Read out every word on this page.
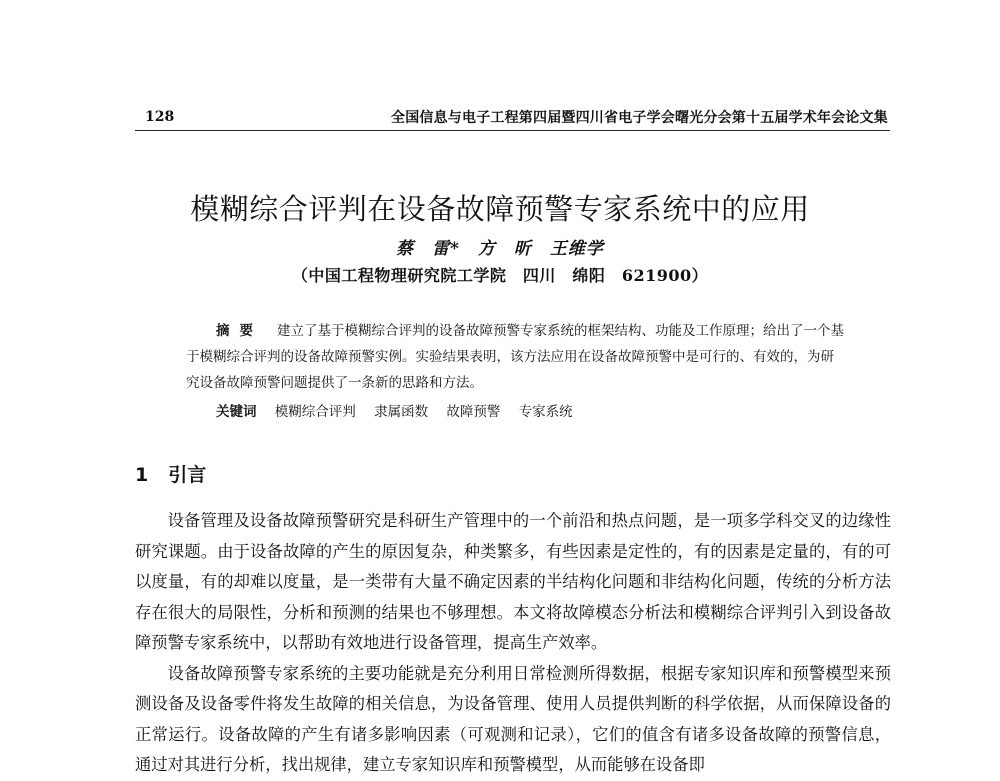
128	全国信息与电子工程第四届暨四川省电子学会曙光分会第十五届学术年会论文集
模糊综合评判在设备故障预警专家系统中的应用
蔡　雷*　方　昕　王维学
（中国工程物理研究院工学院　四川　绵阳　621900）
摘要 建立了基于模糊综合评判的设备故障预警专家系统的框架结构、功能及工作原理；给出了一个基于模糊综合评判的设备故障预警实例。实验结果表明，该方法应用在设备故障预警中是可行的、有效的，为研究设备故障预警问题提供了一条新的思路和方法。
关键词 模糊综合评判 隶属函数 故障预警 专家系统
1 引言

设备管理及设备故障预警研究是科研生产管理中的一个前沿和热点问题，是一项多学科交叉的边缘性研究课题。由于设备故障的产生的原因复杂，种类繁多，有些因素是定性的，有的因素是定量的，有的可以度量，有的却难以度量，是一类带有大量不确定因素的半结构化问题和非结构化问题，传统的分析方法存在很大的局限性，分析和预测的结果也不够理想。本文将故障模态分析法和模糊综合评判引入到设备故障预警专家系统中，以帮助有效地进行设备管理，提高生产效率。

设备故障预警专家系统的主要功能就是充分利用日常检测所得数据，根据专家知识库和预警模型来预测设备及设备零件将发生故障的相关信息，为设备管理、使用人员提供判断的科学依据，从而保障设备的正常运行。设备故障的产生有诸多影响因素（可观测和记录），它们的值含有诸多设备故障的预警信息，通过对其进行分析，找出规律，建立专家知识库和预警模型，从而能够在设备即
